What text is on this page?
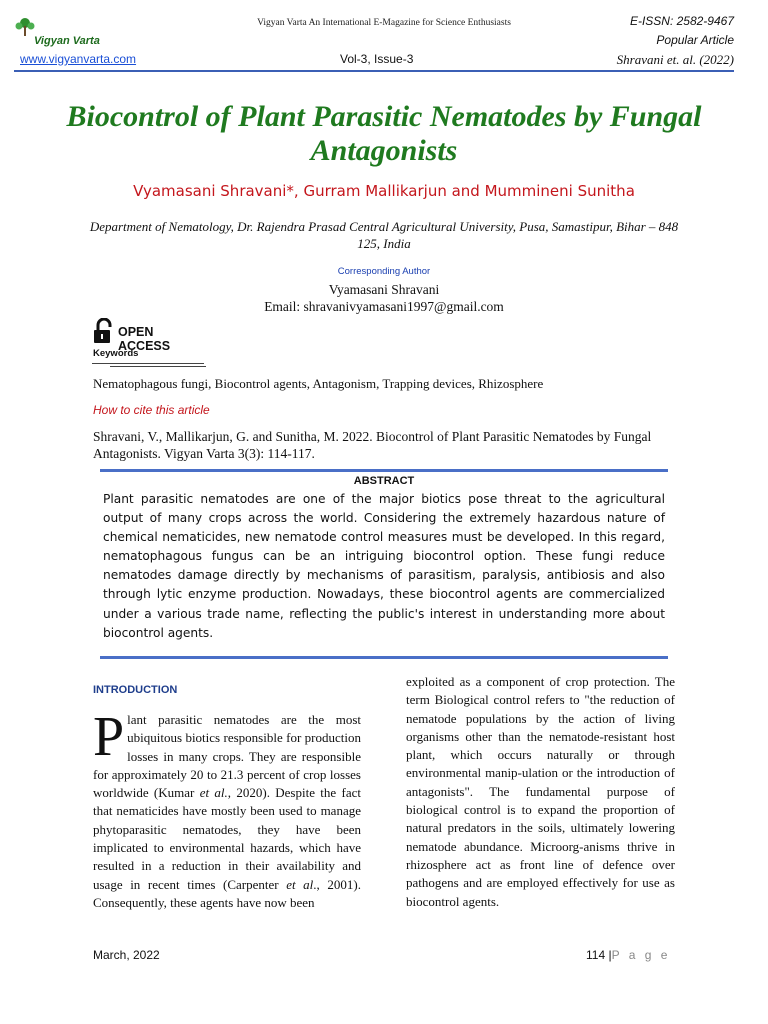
Vigyan Varta
Vigyan Varta An International E-Magazine for Science Enthusiasts	E-ISSN: 2582-9467
Popular Article
www.vigyanvarta.com	Vol-3, Issue-3	Shravani et. al. (2022)
Biocontrol of Plant Parasitic Nematodes by Fungal Antagonists
Vyamasani Shravani*, Gurram Mallikarjun and Mummineni Sunitha
Department of Nematology, Dr. Rajendra Prasad Central Agricultural University, Pusa, Samastipur, Bihar – 848 125, India
Corresponding Author
Vyamasani Shravani
Email: shravanivyamasani1997@gmail.com
OPEN ACCESS
Keywords
Nematophagous fungi, Biocontrol agents, Antagonism, Trapping devices, Rhizosphere
How to cite this article
Shravani, V., Mallikarjun, G. and Sunitha, M. 2022. Biocontrol of Plant Parasitic Nematodes by Fungal Antagonists. Vigyan Varta 3(3): 114-117.
ABSTRACT
Plant parasitic nematodes are one of the major biotics pose threat to the agricultural output of many crops across the world. Considering the extremely hazardous nature of chemical nematicides, new nematode control measures must be developed. In this regard, nematophagous fungus can be an intriguing biocontrol option. These fungi reduce nematodes damage directly by mechanisms of parasitism, paralysis, antibiosis and also through lytic enzyme production. Nowadays, these biocontrol agents are commercialized under a various trade name, reflecting the public's interest in understanding more about biocontrol agents.
INTRODUCTION
Plant parasitic nematodes are the most ubiquitous biotics responsible for production losses in many crops. They are responsible for approximately 20 to 21.3 percent of crop losses worldwide (Kumar et al., 2020). Despite the fact that nematicides have mostly been used to manage phytoparasitic nematodes, they have been implicated to environmental hazards, which have resulted in a reduction in their availability and usage in recent times (Carpenter et al., 2001). Consequently, these agents have now been
exploited as a component of crop protection. The term Biological control refers to "the reduction of nematode populations by the action of living organisms other than the nematode-resistant host plant, which occurs naturally or through environmental manip-ulation or the introduction of antagonists". The fundamental purpose of biological control is to expand the proportion of natural predators in the soils, ultimately lowering nematode abundance. Microorg-anisms thrive in rhizosphere act as front line of defence over pathogens and are employed effectively for use as biocontrol agents.
March, 2022	114 |P a g e
